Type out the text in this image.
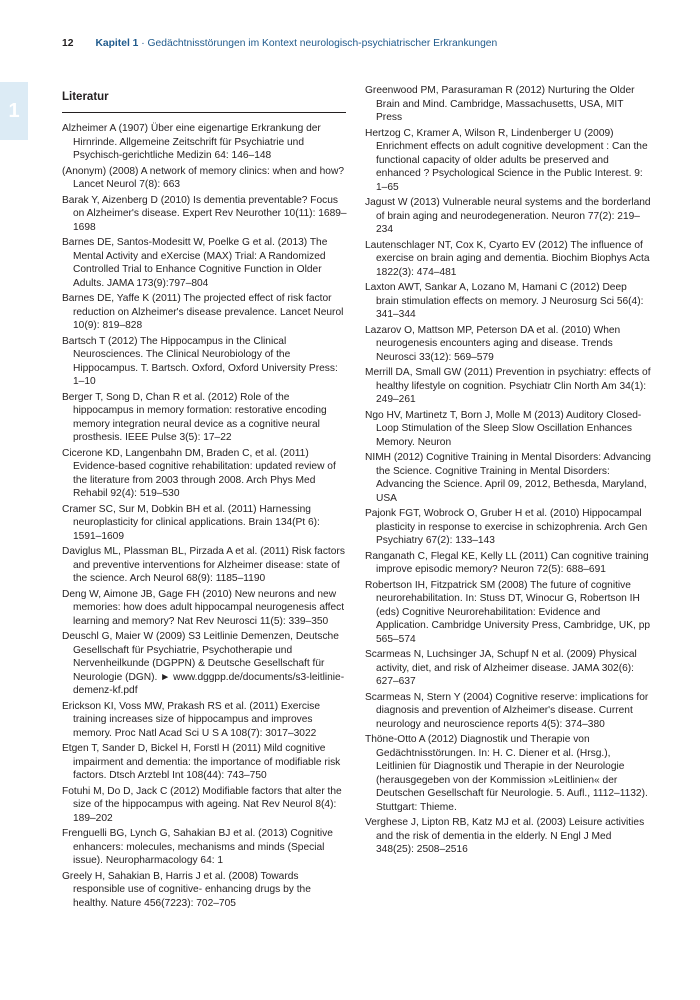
12 Kapitel 1 · Gedächtnisstörungen im Kontext neurologisch-psychiatrischer Erkrankungen
1
Literatur

Alzheimer A (1907) Über eine eigenartige Erkrankung der Hirnrinde. Allgemeine Zeitschrift für Psychiatrie und Psychisch-gerichtliche Medizin 64: 146–148

(Anonym) (2008) A network of memory clinics: when and how? Lancet Neurol 7(8): 663

Barak Y, Aizenberg D (2010) Is dementia preventable? Focus on Alzheimer's disease. Expert Rev Neurother 10(11): 1689–1698

Barnes DE, Santos-Modesitt W, Poelke G et al. (2013) The Mental Activity and eXercise (MAX) Trial: A Randomized Controlled Trial to Enhance Cognitive Function in Older Adults. JAMA 173(9):797–804

Barnes DE, Yaffe K (2011) The projected effect of risk factor reduction on Alzheimer's disease prevalence. Lancet Neurol 10(9): 819–828

Bartsch T (2012) The Hippocampus in the Clinical Neurosciences. The Clinical Neurobiology of the Hippocampus. T. Bartsch. Oxford, Oxford University Press: 1–10

Berger T, Song D, Chan R et al. (2012) Role of the hippocampus in memory formation: restorative encoding memory integration neural device as a cognitive neural prosthesis. IEEE Pulse 3(5): 17–22

Cicerone KD, Langenbahn DM, Braden C, et al. (2011) Evidence-based cognitive rehabilitation: updated review of the literature from 2003 through 2008. Arch Phys Med Rehabil 92(4): 519–530

Cramer SC, Sur M, Dobkin BH et al. (2011) Harnessing neuroplasticity for clinical applications. Brain 134(Pt 6): 1591–1609

Daviglus ML, Plassman BL, Pirzada A et al. (2011) Risk factors and preventive interventions for Alzheimer disease: state of the science. Arch Neurol 68(9): 1185–1190

Deng W, Aimone JB, Gage FH (2010) New neurons and new memories: how does adult hippocampal neurogenesis affect learning and memory? Nat Rev Neurosci 11(5): 339–350

Deuschl G, Maier W (2009) S3 Leitlinie Demenzen, Deutsche Gesellschaft für Psychiatrie, Psychotherapie und Nervenheilkunde (DGPPN) & Deutsche Gesellschaft für Neurologie (DGN). ► www.dggpp.de/documents/s3-leitlinie-demenz-kf.pdf

Erickson KI, Voss MW, Prakash RS et al. (2011) Exercise training increases size of hippocampus and improves memory. Proc Natl Acad Sci U S A 108(7): 3017–3022

Etgen T, Sander D, Bickel H, Forstl H (2011) Mild cognitive impairment and dementia: the importance of modifiable risk factors. Dtsch Arztebl Int 108(44): 743–750

Fotuhi M, Do D, Jack C (2012) Modifiable factors that alter the size of the hippocampus with ageing. Nat Rev Neurol 8(4): 189–202

Frenguelli BG, Lynch G, Sahakian BJ et al. (2013) Cognitive enhancers: molecules, mechanisms and minds (Special issue). Neuropharmacology 64: 1

Greely H, Sahakian B, Harris J et al. (2008) Towards responsible use of cognitive- enhancing drugs by the healthy. Nature 456(7223): 702–705

Greenwood PM, Parasuraman R (2012) Nurturing the Older Brain and Mind. Cambridge, Massachusetts, USA, MIT Press

Hertzog C, Kramer A, Wilson R, Lindenberger U (2009) Enrichment effects on adult cognitive development : Can the functional capacity of older adults be preserved and enhanced ? Psychological Science in the Public Interest. 9: 1–65

Jagust W (2013) Vulnerable neural systems and the borderland of brain aging and neurodegeneration. Neuron 77(2): 219–234

Lautenschlager NT, Cox K, Cyarto EV (2012) The influence of exercise on brain aging and dementia. Biochim Biophys Acta 1822(3): 474–481

Laxton AWT, Sankar A, Lozano M, Hamani C (2012) Deep brain stimulation effects on memory. J Neurosurg Sci 56(4): 341–344

Lazarov O, Mattson MP, Peterson DA et al. (2010) When neurogenesis encounters aging and disease. Trends Neurosci 33(12): 569–579

Merrill DA, Small GW (2011) Prevention in psychiatry: effects of healthy lifestyle on cognition. Psychiatr Clin North Am 34(1): 249–261

Ngo HV, Martinetz T, Born J, Molle M (2013) Auditory Closed-Loop Stimulation of the Sleep Slow Oscillation Enhances Memory. Neuron

NIMH (2012) Cognitive Training in Mental Disorders: Advancing the Science. Cognitive Training in Mental Disorders: Advancing the Science. April 09, 2012, Bethesda, Maryland, USA

Pajonk FGT, Wobrock O, Gruber H et al. (2010) Hippocampal plasticity in response to exercise in schizophrenia. Arch Gen Psychiatry 67(2): 133–143

Ranganath C, Flegal KE, Kelly LL (2011) Can cognitive training improve episodic memory? Neuron 72(5): 688–691

Robertson IH, Fitzpatrick SM (2008) The future of cognitive neurorehabilitation. In: Stuss DT, Winocur G, Robertson IH (eds) Cognitive Neurorehabilitation: Evidence and Application. Cambridge University Press, Cambridge, UK, pp 565–574

Scarmeas N, Luchsinger JA, Schupf N et al. (2009) Physical activity, diet, and risk of Alzheimer disease. JAMA 302(6): 627–637

Scarmeas N, Stern Y (2004) Cognitive reserve: implications for diagnosis and prevention of Alzheimer's disease. Current neurology and neuroscience reports 4(5): 374–380

Thöne-Otto A (2012) Diagnostik und Therapie von Gedächtnisstörungen. In: H. C. Diener et al. (Hrsg.), Leitlinien für Diagnostik und Therapie in der Neurologie (herausgegeben von der Kommission »Leitlinien« der Deutschen Gesellschaft für Neurologie. 5. Aufl., 1112–1132). Stuttgart: Thieme.

Verghese J, Lipton RB, Katz MJ et al. (2003) Leisure activities and the risk of dementia in the elderly. N Engl J Med 348(25): 2508–2516
